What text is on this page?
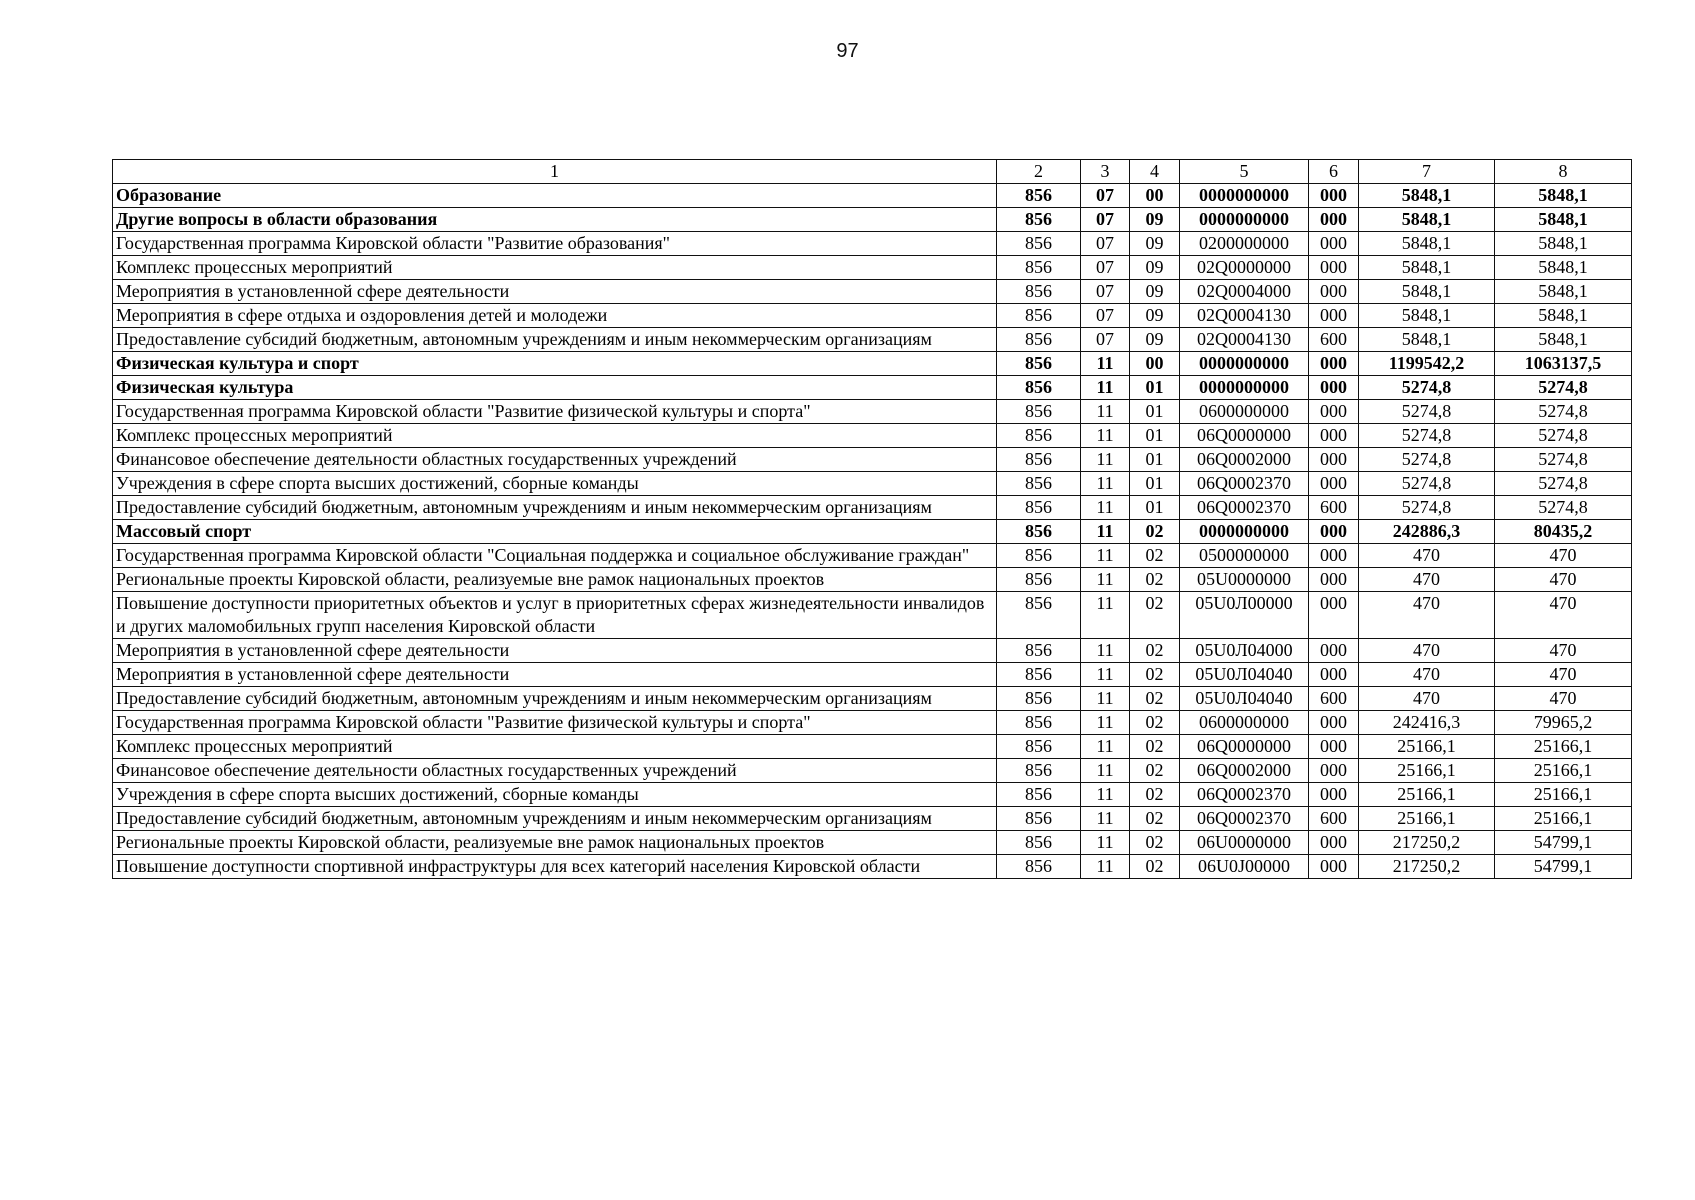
97
1	2	3	4	5	6	7	8
Образование	856	07	00	0000000000	000	5848,1	5848,1
Другие вопросы в области образования	856	07	09	0000000000	000	5848,1	5848,1
Государственная программа Кировской области "Развитие образования"	856	07	09	0200000000	000	5848,1	5848,1
Комплекс процессных мероприятий	856	07	09	02Q0000000	000	5848,1	5848,1
Мероприятия в установленной сфере деятельности	856	07	09	02Q0004000	000	5848,1	5848,1
Мероприятия в сфере отдыха и оздоровления детей и молодежи	856	07	09	02Q0004130	000	5848,1	5848,1
Предоставление субсидий бюджетным, автономным учреждениям и иным некоммерческим организациям	856	07	09	02Q0004130	600	5848,1	5848,1
Физическая культура и спорт	856	11	00	0000000000	000	1199542,2	1063137,5
Физическая культура	856	11	01	0000000000	000	5274,8	5274,8
Государственная программа Кировской области "Развитие физической культуры и спорта"	856	11	01	0600000000	000	5274,8	5274,8
Комплекс процессных мероприятий	856	11	01	06Q0000000	000	5274,8	5274,8
Финансовое обеспечение деятельности областных государственных учреждений	856	11	01	06Q0002000	000	5274,8	5274,8
Учреждения в сфере спорта высших достижений, сборные команды	856	11	01	06Q0002370	000	5274,8	5274,8
Предоставление субсидий бюджетным, автономным учреждениям и иным некоммерческим организациям	856	11	01	06Q0002370	600	5274,8	5274,8
Массовый спорт	856	11	02	0000000000	000	242886,3	80435,2
Государственная программа Кировской области "Социальная поддержка и социальное обслуживание граждан"	856	11	02	0500000000	000	470	470
Региональные проекты Кировской области, реализуемые вне рамок национальных проектов	856	11	02	05U0000000	000	470	470
Повышение доступности приоритетных объектов и услуг в приоритетных сферах жизнедеятельности инвалидов и других маломобильных групп населения Кировской области	856	11	02	05U0Л00000	000	470	470
Мероприятия в установленной сфере деятельности	856	11	02	05U0Л04000	000	470	470
Мероприятия в установленной сфере деятельности	856	11	02	05U0Л04040	000	470	470
Предоставление субсидий бюджетным, автономным учреждениям и иным некоммерческим организациям	856	11	02	05U0Л04040	600	470	470
Государственная программа Кировской области "Развитие физической культуры и спорта"	856	11	02	0600000000	000	242416,3	79965,2
Комплекс процессных мероприятий	856	11	02	06Q0000000	000	25166,1	25166,1
Финансовое обеспечение деятельности областных государственных учреждений	856	11	02	06Q0002000	000	25166,1	25166,1
Учреждения в сфере спорта высших достижений, сборные команды	856	11	02	06Q0002370	000	25166,1	25166,1
Предоставление субсидий бюджетным, автономным учреждениям и иным некоммерческим организациям	856	11	02	06Q0002370	600	25166,1	25166,1
Региональные проекты Кировской области, реализуемые вне рамок национальных проектов	856	11	02	06U0000000	000	217250,2	54799,1
Повышение доступности спортивной инфраструктуры для всех категорий населения Кировской области	856	11	02	06U0J00000	000	217250,2	54799,1
